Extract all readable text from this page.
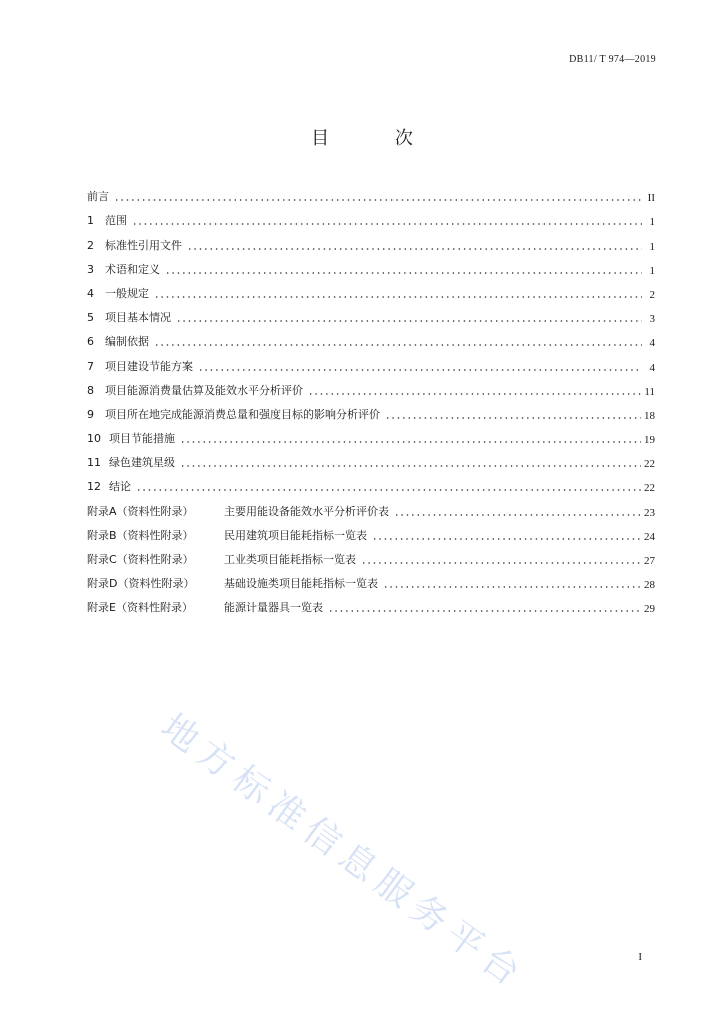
DB11/ T 974—2019
目 次
前言	II
1 范围	1
2 标准性引用文件	1
3 术语和定义	1
4 一般规定	2
5 项目基本情况	3
6 编制依据	4
7 项目建设节能方案	4
8 项目能源消费量估算及能效水平分析评价	11
9 项目所在地完成能源消费总量和强度目标的影响分析评价	18
10 项目节能措施	19
11 绿色建筑星级	22
12 结论	22
附录A（资料性附录）	主要用能设备能效水平分析评价表	23
附录B（资料性附录）	民用建筑项目能耗指标一览表	24
附录C（资料性附录）	工业类项目能耗指标一览表	27
附录D（资料性附录）	基础设施类项目能耗指标一览表	28
附录E（资料性附录）	能源计量器具一览表	29
地方标准信息服务平台	I
